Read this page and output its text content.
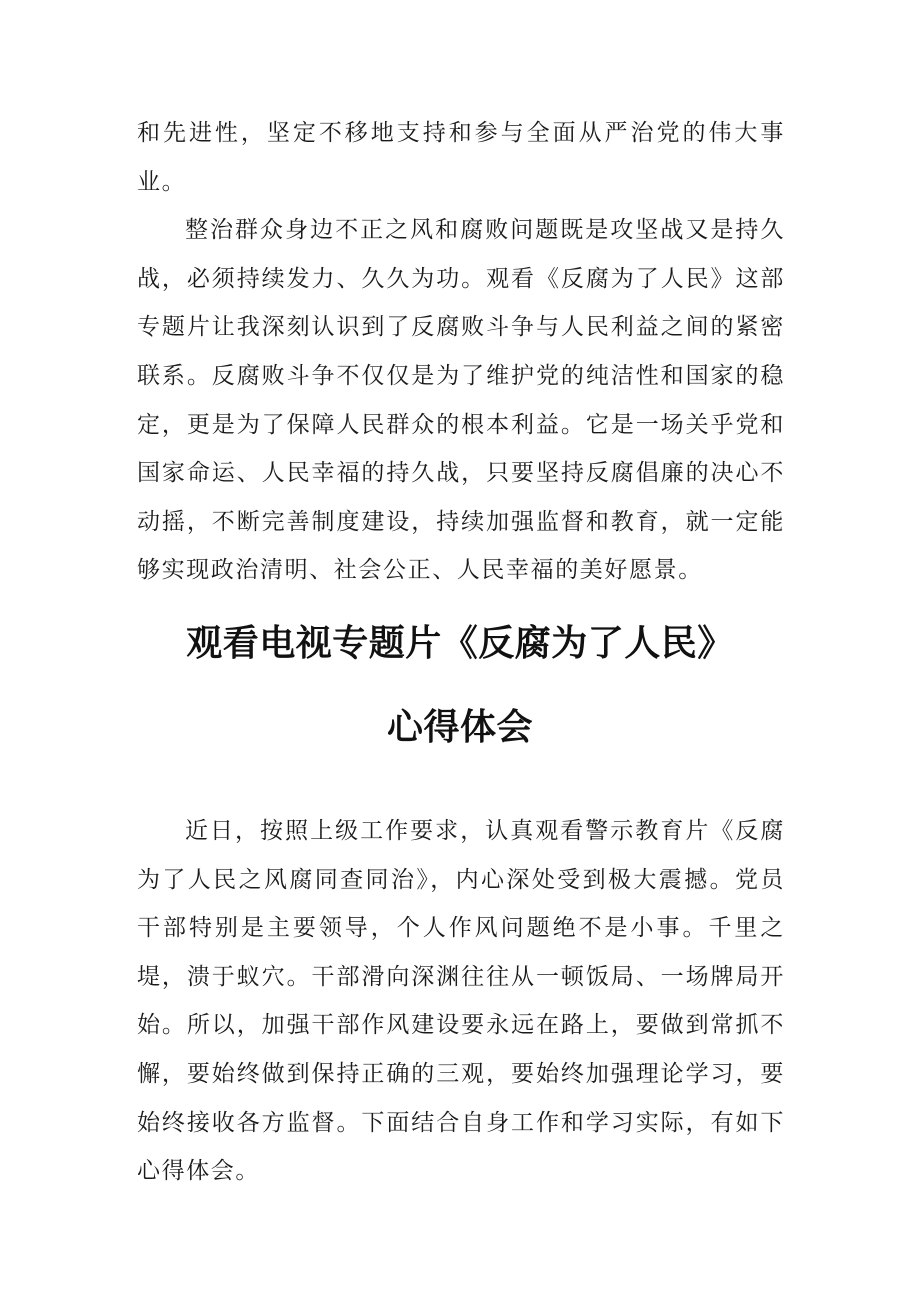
和先进性，坚定不移地支持和参与全面从严治党的伟大事业。

整治群众身边不正之风和腐败问题既是攻坚战又是持久战，必须持续发力、久久为功。观看《反腐为了人民》这部专题片让我深刻认识到了反腐败斗争与人民利益之间的紧密联系。反腐败斗争不仅仅是为了维护党的纯洁性和国家的稳定，更是为了保障人民群众的根本利益。它是一场关乎党和国家命运、人民幸福的持久战，只要坚持反腐倡廉的决心不动摇，不断完善制度建设，持续加强监督和教育，就一定能够实现政治清明、社会公正、人民幸福的美好愿景。

观看电视专题片《反腐为了人民》
心得体会

近日，按照上级工作要求，认真观看警示教育片《反腐为了人民之风腐同查同治》，内心深处受到极大震撼。党员干部特别是主要领导，个人作风问题绝不是小事。千里之堤，溃于蚁穴。干部滑向深渊往往从一顿饭局、一场牌局开始。所以，加强干部作风建设要永远在路上，要做到常抓不懈，要始终做到保持正确的三观，要始终加强理论学习，要始终接收各方监督。下面结合自身工作和学习实际，有如下心得体会。
